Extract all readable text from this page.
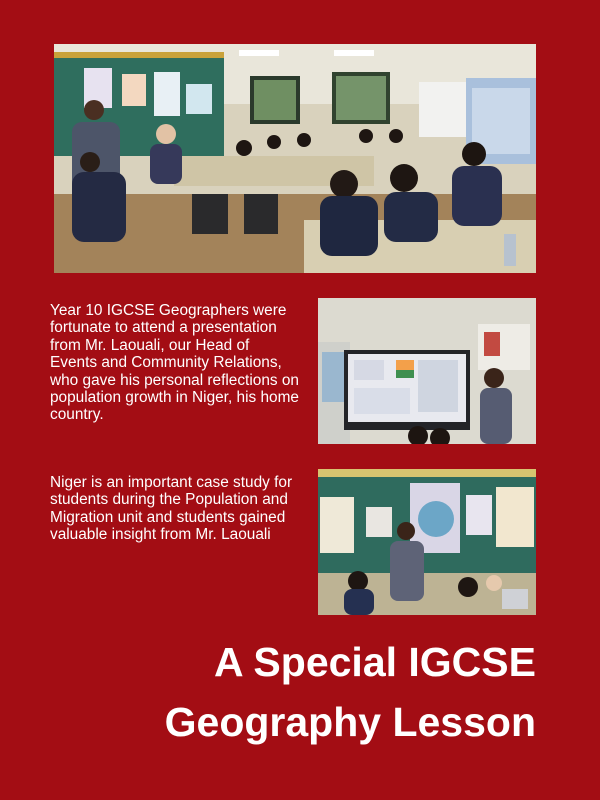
Year 10 IGCSE Geographers were fortunate to attend a presentation from Mr. Laouali, our Head of Events and Community Relations, who gave his personal reflections on population growth in Niger, his home country.

Niger is an important case study for students during the Population and Migration unit and students gained valuable insight from Mr. Laouali

A Special IGCSE
Geography Lesson
